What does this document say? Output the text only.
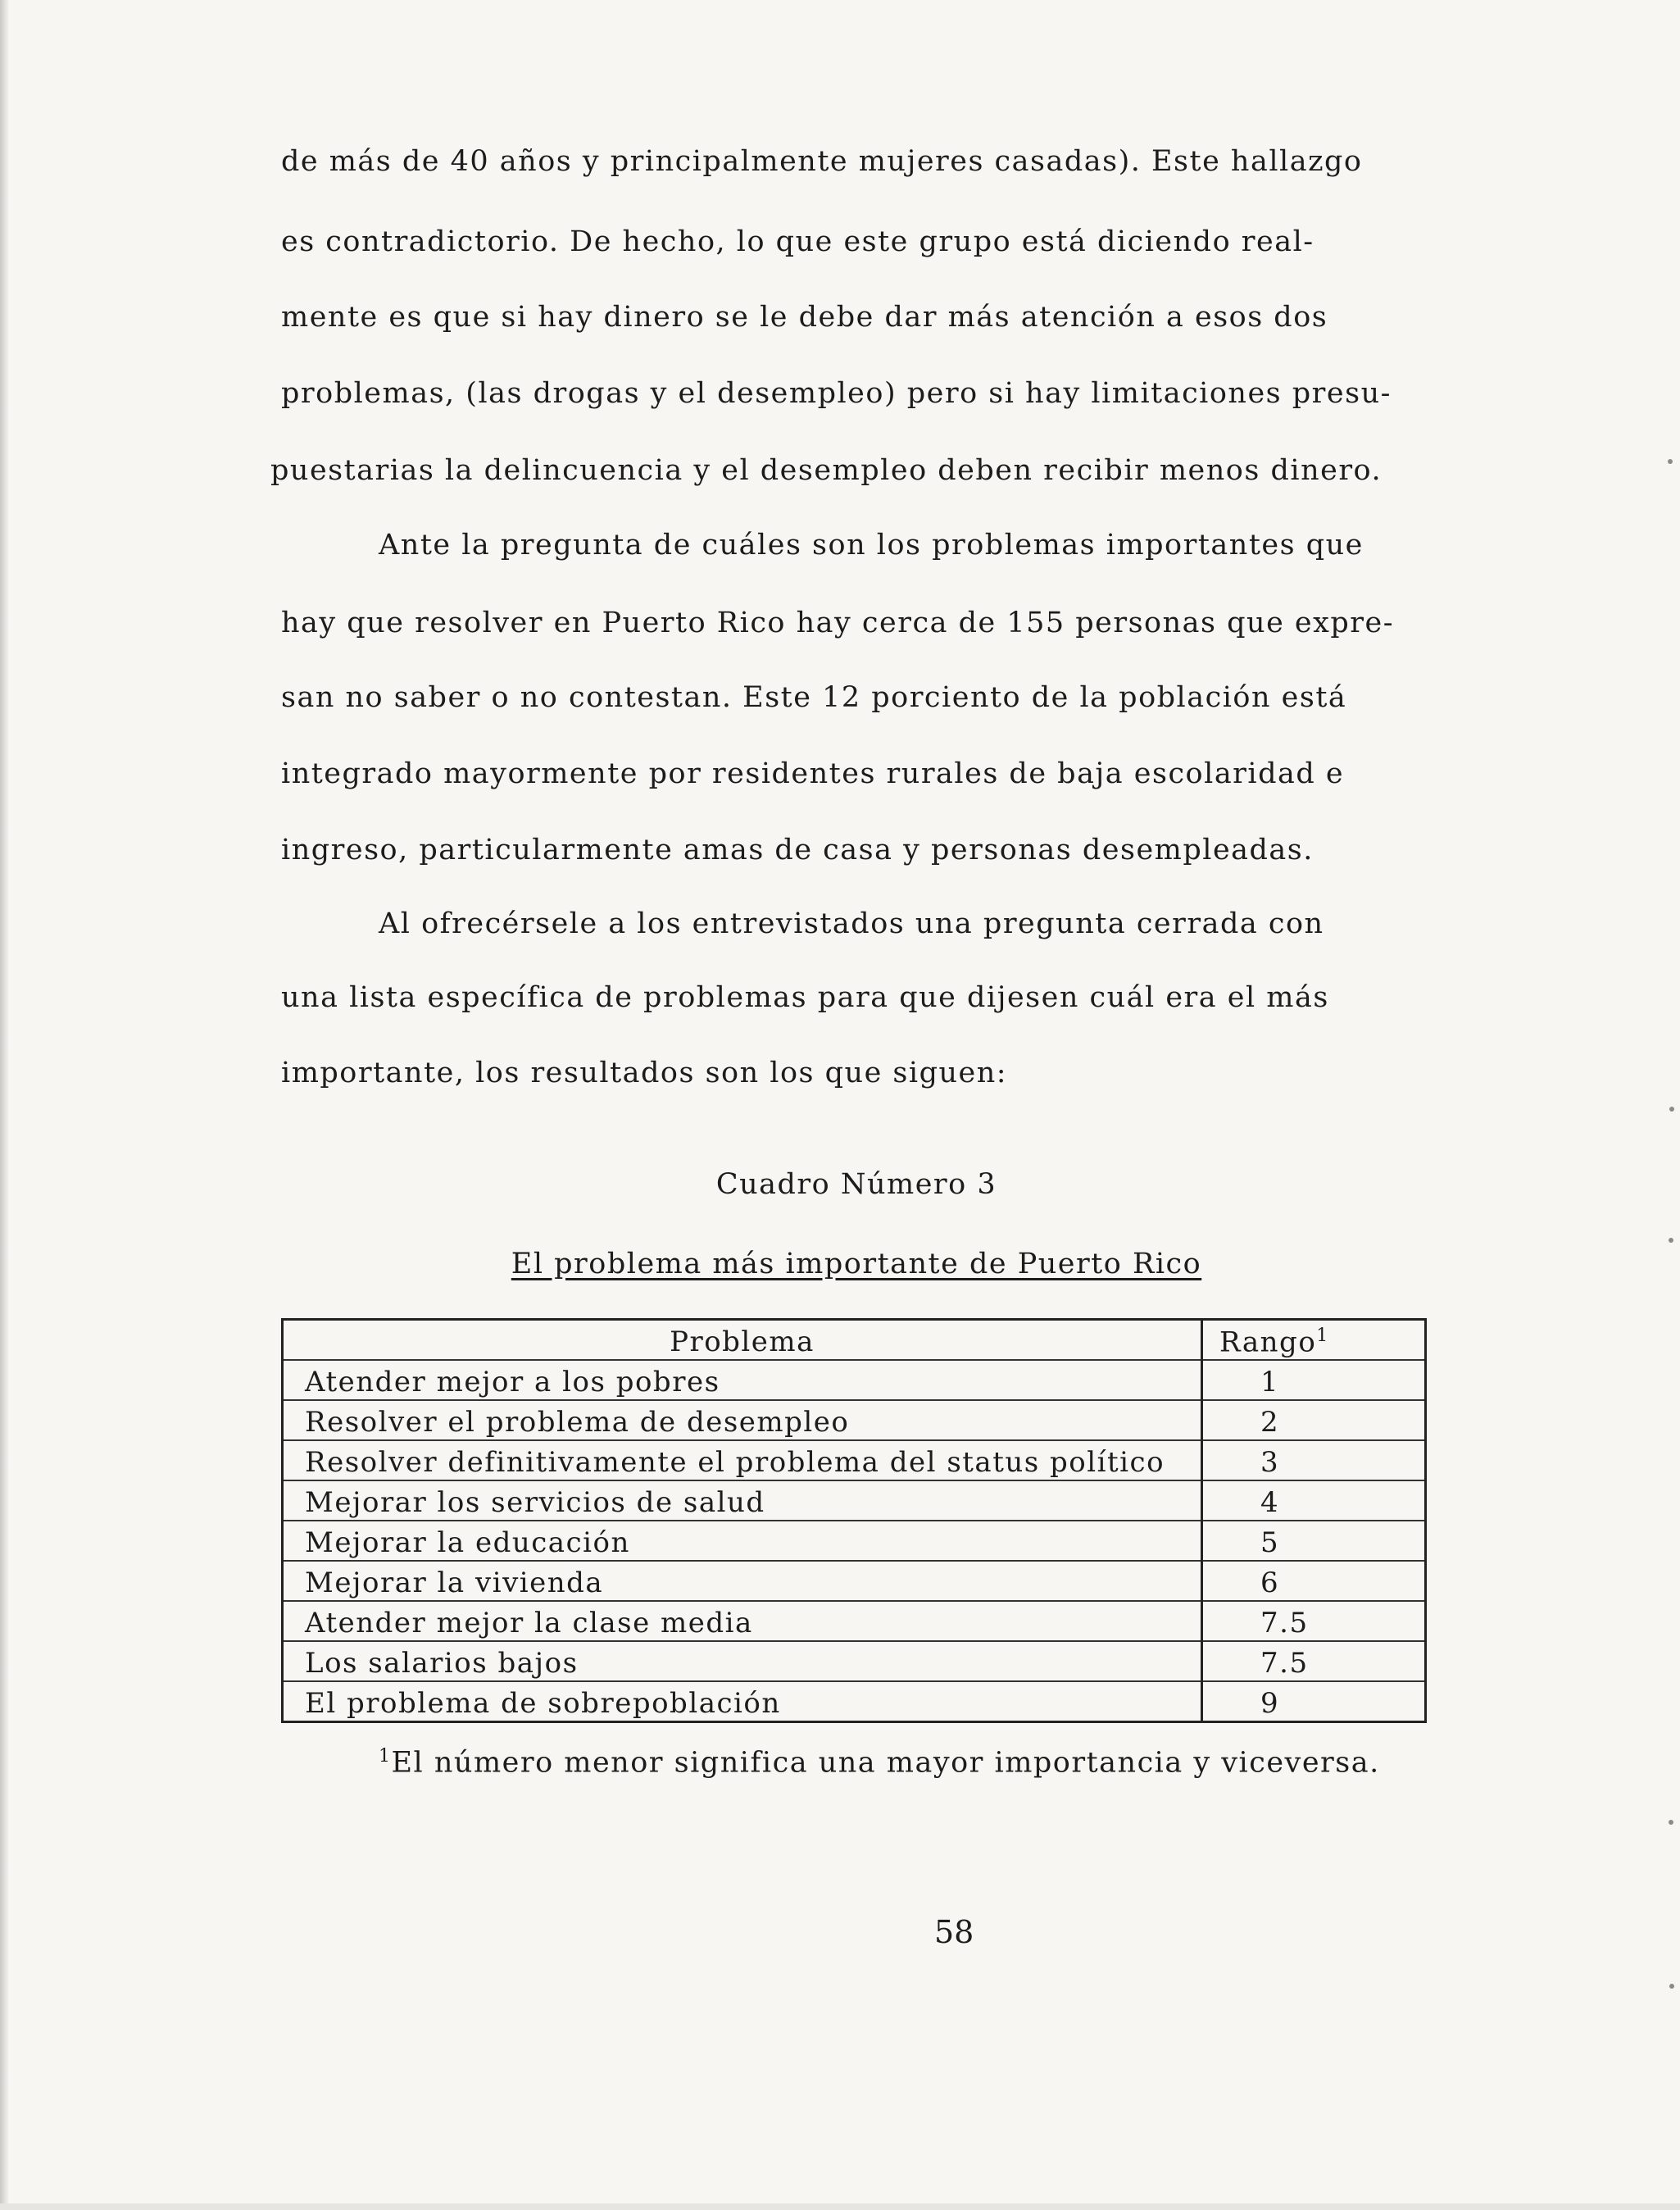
de más de 40 años y principalmente mujeres casadas). Este hallazgo
es contradictorio. De hecho, lo que este grupo está diciendo real-
mente es que si hay dinero se le debe dar más atención a esos dos
problemas, (las drogas y el desempleo) pero si hay limitaciones presu-
puestarias la delincuencia y el desempleo deben recibir menos dinero.
Ante la pregunta de cuáles son los problemas importantes que
hay que resolver en Puerto Rico hay cerca de 155 personas que expre-
san no saber o no contestan. Este 12 porciento de la población está
integrado mayormente por residentes rurales de baja escolaridad e
ingreso, particularmente amas de casa y personas desempleadas.
Al ofrecérsele a los entrevistados una pregunta cerrada con
una lista específica de problemas para que dijesen cuál era el más
importante, los resultados son los que siguen:
Cuadro Número 3
El problema más importante de Puerto Rico
Problema	Rango$^1$
Atender mejor a los pobres	1
Resolver el problema de desempleo	2
Resolver definitivamente el problema del status político	3
Mejorar los servicios de salud	4
Mejorar la educación	5
Mejorar la vivienda	6
Atender mejor la clase media	7.5
Los salarios bajos	7.5
El problema de sobrepoblación	9
$^1$El número menor significa una mayor importancia y viceversa.
58
